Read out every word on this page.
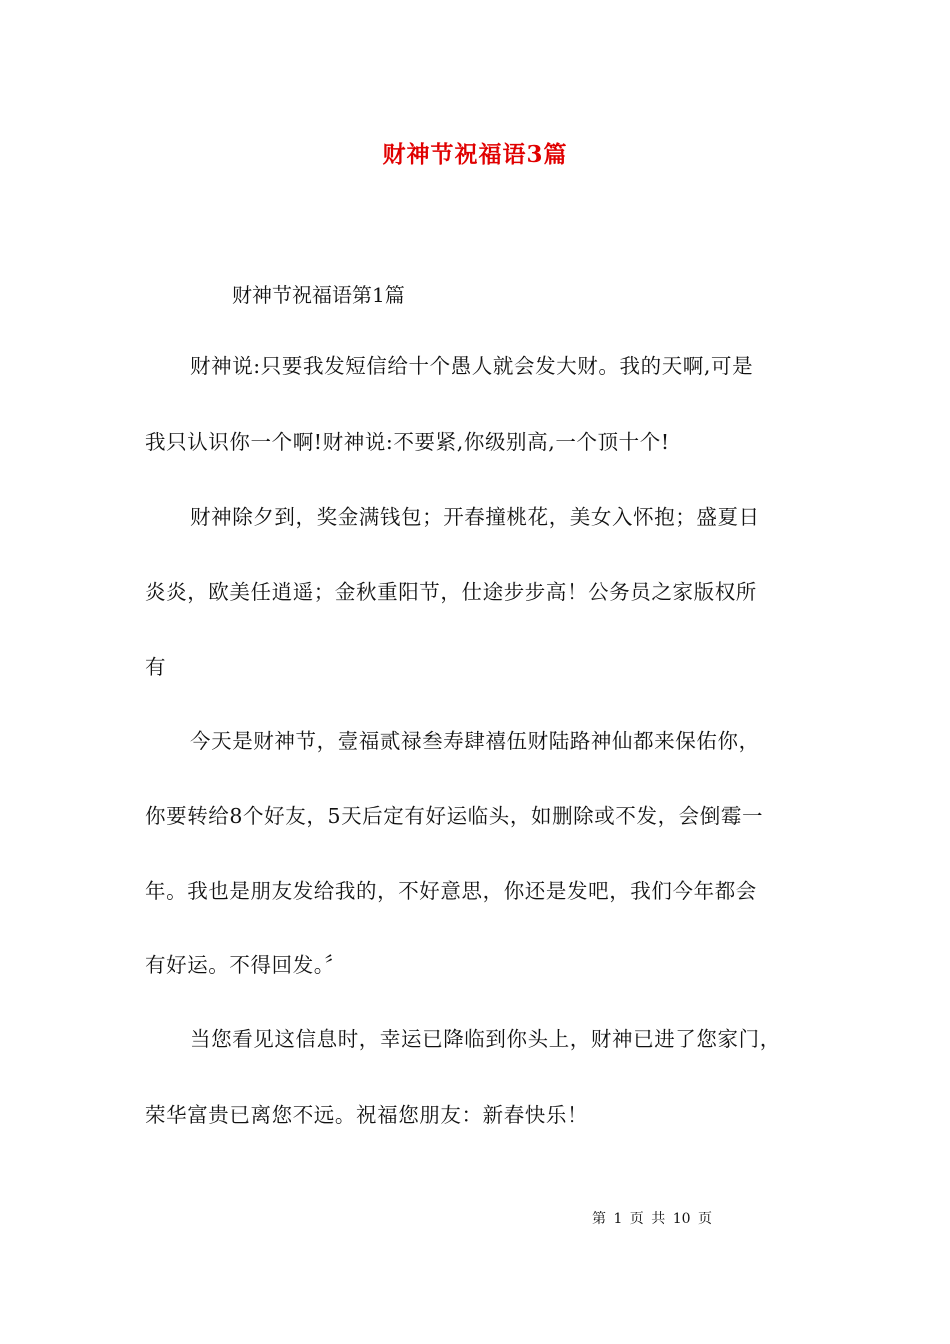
财神节祝福语3篇
财神节祝福语第1篇
财神说:只要我发短信给十个愚人就会发大财。我的天啊,可是
我只认识你一个啊!财神说:不要紧,你级别高,一个顶十个!
财神除夕到，奖金满钱包；开春撞桃花，美女入怀抱；盛夏日
炎炎，欧美任逍遥；金秋重阳节，仕途步步高！公务员之家版权所
有
今天是财神节，壹福贰禄叁寿肆禧伍财陆路神仙都来保佑你，
你要转给8个好友，5天后定有好运临头，如删除或不发，会倒霉一
年。我也是朋友发给我的，不好意思，你还是发吧，我们今年都会
有好运。不得回发。〞
当您看见这信息时，幸运已降临到你头上，财神已进了您家门，
荣华富贵已离您不远。祝福您朋友：新春快乐！
第 1 页 共 10 页
